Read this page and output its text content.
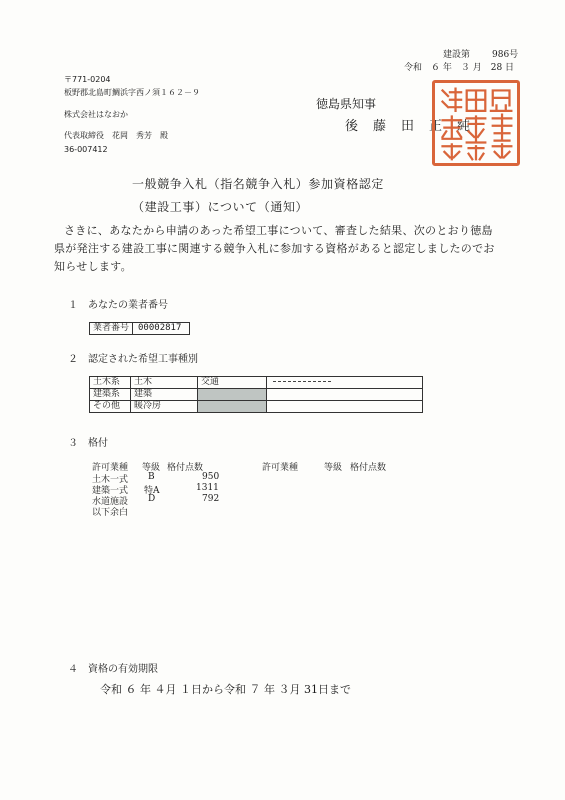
建設第 986号
令和　６ 年　３ 月　28 日
〒771-0204
板野郡北島町鯛浜字西ノ須１６２－９
株式会社はなおか
代表取締役　花岡　秀芳　殿
36-007412
徳島県知事
後　藤　田　正　純
一般競争入札（指名競争入札）参加資格認定
（建設工事）について（通知）
さきに、あなたから申請のあった希望工事について、審査した結果、次のとおり徳島県が発注する建設工事に関連する競争入札に参加する資格があると認定しましたのでお知らせします。
１　あなたの業者番号
業者番号	00002817
２　認定された希望工事種別
土木系	土木	交通	
建築系	建築		
その他	暖冷房		
３　格付
許可業種 等級 格付点数	許可業種	等級 格付点数
土木一式 B	950
建築一式 特A	1311
水道施設 D	792
以下余白
４　資格の有効期限
令和 ６ 年 ４月 １日から令和 ７ 年 ３月 31日まで
